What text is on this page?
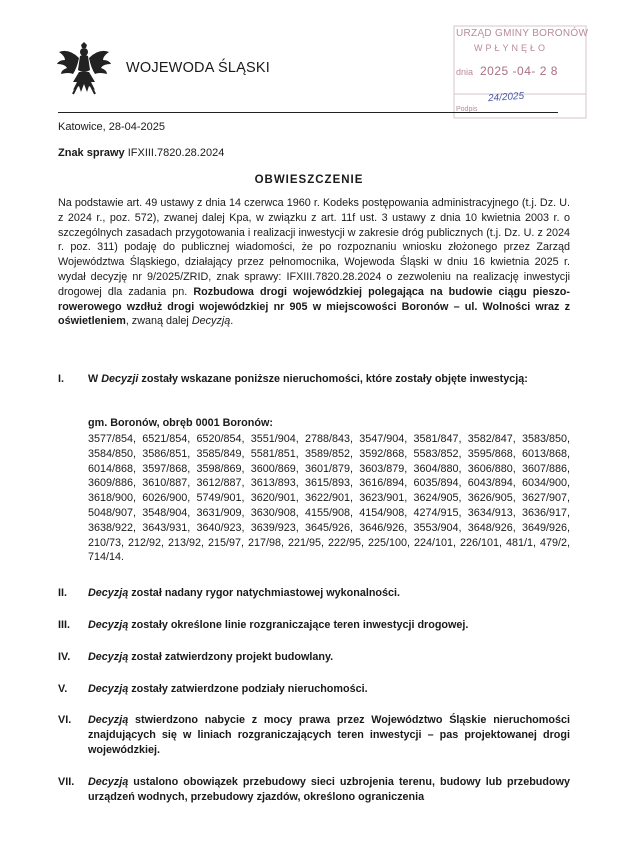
WOJEWODA ŚLĄSKI
URZĄD GMINY BORONÓW
WPŁYNĘŁO
dnia 2025 -04- 2 8
24/2025
Podpis
Katowice, 28-04-2025
Znak sprawy IFXIII.7820.28.2024
OBWIESZCZENIE
Na podstawie art. 49 ustawy z dnia 14 czerwca 1960 r. Kodeks postępowania administracyjnego (t.j. Dz. U. z 2024 r., poz. 572), zwanej dalej Kpa, w związku z art. 11f ust. 3 ustawy z dnia 10 kwietnia 2003 r. o szczególnych zasadach przygotowania i realizacji inwestycji w zakresie dróg publicznych (t.j. Dz. U. z 2024 r. poz. 311) podaję do publicznej wiadomości, że po rozpoznaniu wniosku złożonego przez Zarząd Województwa Śląskiego, działający przez pełnomocnika, Wojewoda Śląski w dniu 16 kwietnia 2025 r. wydał decyzję nr 9/2025/ZRID, znak sprawy: IFXIII.7820.28.2024 o zezwoleniu na realizację inwestycji drogowej dla zadania pn. Rozbudowa drogi wojewódzkiej polegająca na budowie ciągu pieszo-rowerowego wzdłuż drogi wojewódzkiej nr 905 w miejscowości Boronów – ul. Wolności wraz z oświetleniem, zwaną dalej Decyzją.
I. W Decyzji zostały wskazane poniższe nieruchomości, które zostały objęte inwestycją:
gm. Boronów, obręb 0001 Boronów:
3577/854, 6521/854, 6520/854, 3551/904, 2788/843, 3547/904, 3581/847, 3582/847, 3583/850, 3584/850, 3586/851, 3585/849, 5581/851, 3589/852, 3592/868, 5583/852, 3595/868, 6013/868, 6014/868, 3597/868, 3598/869, 3600/869, 3601/879, 3603/879, 3604/880, 3606/880, 3607/886, 3609/886, 3610/887, 3612/887, 3613/893, 3615/893, 3616/894, 6035/894, 6043/894, 6034/900, 3618/900, 6026/900, 5749/901, 3620/901, 3622/901, 3623/901, 3624/905, 3626/905, 3627/907, 5048/907, 3548/904, 3631/909, 3630/908, 4155/908, 4154/908, 4274/915, 3634/913, 3636/917, 3638/922, 3643/931, 3640/923, 3639/923, 3645/926, 3646/926, 3553/904, 3648/926, 3649/926, 210/73, 212/92, 213/92, 215/97, 217/98, 221/95, 222/95, 225/100, 224/101, 226/101, 481/1, 479/2, 714/14.
II. Decyzją został nadany rygor natychmiastowej wykonalności.
III. Decyzją zostały określone linie rozgraniczające teren inwestycji drogowej.
IV. Decyzją został zatwierdzony projekt budowlany.
V. Decyzją zostały zatwierdzone podziały nieruchomości.
VI. Decyzją stwierdzono nabycie z mocy prawa przez Województwo Śląskie nieruchomości znajdujących się w liniach rozgraniczających teren inwestycji – pas projektowanej drogi wojewódzkiej.
VII. Decyzją ustalono obowiązek przebudowy sieci uzbrojenia terenu, budowy lub przebudowy urządzeń wodnych, przebudowy zjazdów, określono ograniczenia
